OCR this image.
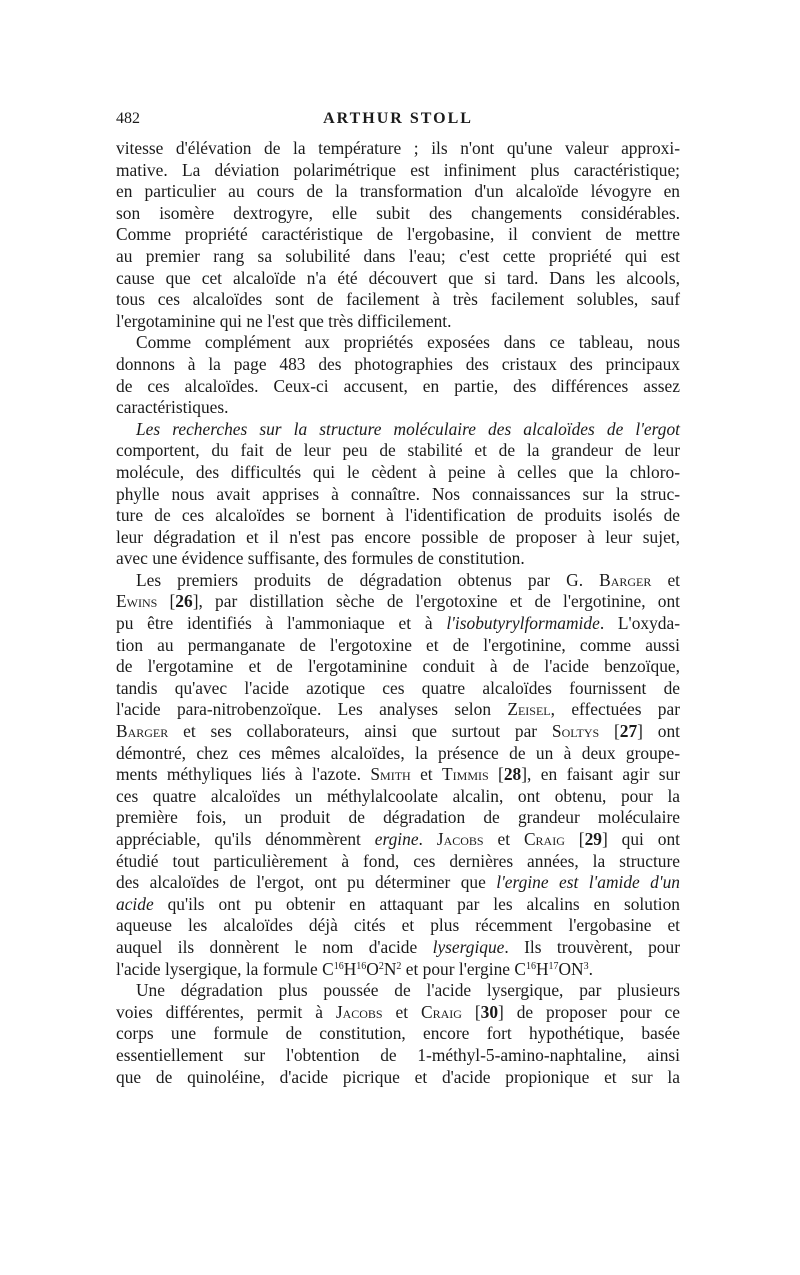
482	ARTHUR STOLL
vitesse d'élévation de la température ; ils n'ont qu'une valeur approxi-
mative. La déviation polarimétrique est infiniment plus caractéristique;
en particulier au cours de la transformation d'un alcaloïde lévogyre en
son isomère dextrogyre, elle subit des changements considérables.
Comme propriété caractéristique de l'ergobasine, il convient de mettre
au premier rang sa solubilité dans l'eau; c'est cette propriété qui est
cause que cet alcaloïde n'a été découvert que si tard. Dans les alcools,
tous ces alcaloïdes sont de facilement à très facilement solubles, sauf
l'ergotaminine qui ne l'est que très difficilement.
Comme complément aux propriétés exposées dans ce tableau, nous
donnons à la page 483 des photographies des cristaux des principaux
de ces alcaloïdes. Ceux-ci accusent, en partie, des différences assez
caractéristiques.
Les recherches sur la structure moléculaire des alcaloïdes de l'ergot
comportent, du fait de leur peu de stabilité et de la grandeur de leur
molécule, des difficultés qui le cèdent à peine à celles que la chloro-
phylle nous avait apprises à connaître. Nos connaissances sur la struc-
ture de ces alcaloïdes se bornent à l'identification de produits isolés de
leur dégradation et il n'est pas encore possible de proposer à leur sujet,
avec une évidence suffisante, des formules de constitution.
Les premiers produits de dégradation obtenus par G. Barger et
Ewins [26], par distillation sèche de l'ergotoxine et de l'ergotinine, ont
pu être identifiés à l'ammoniaque et à l'isobutyrylformamide. L'oxyda-
tion au permanganate de l'ergotoxine et de l'ergotinine, comme aussi
de l'ergotamine et de l'ergotaminine conduit à de l'acide benzoïque,
tandis qu'avec l'acide azotique ces quatre alcaloïdes fournissent de
l'acide para-nitrobenzoïque. Les analyses selon Zeisel, effectuées par
Barger et ses collaborateurs, ainsi que surtout par Soltys [27] ont
démontré, chez ces mêmes alcaloïdes, la présence de un à deux groupe-
ments méthyliques liés à l'azote. Smith et Timmis [28], en faisant agir sur
ces quatre alcaloïdes un méthylalcoolate alcalin, ont obtenu, pour la
première fois, un produit de dégradation de grandeur moléculaire
appréciable, qu'ils dénommèrent ergine. Jacobs et Craig [29] qui ont
étudié tout particulièrement à fond, ces dernières années, la structure
des alcaloïdes de l'ergot, ont pu déterminer que l'ergine est l'amide d'un
acide qu'ils ont pu obtenir en attaquant par les alcalins en solution
aqueuse les alcaloïdes déjà cités et plus récemment l'ergobasine et
auquel ils donnèrent le nom d'acide lysergique. Ils trouvèrent, pour
l'acide lysergique, la formule $C^{16}H^{16}O^2N^2$ et pour l'ergine $C^{16}H^{17}ON^3$.
Une dégradation plus poussée de l'acide lysergique, par plusieurs
voies différentes, permit à Jacobs et Craig [30] de proposer pour ce
corps une formule de constitution, encore fort hypothétique, basée
essentiellement sur l'obtention de 1-méthyl-5-amino-naphtaline, ainsi
que de quinoléine, d'acide picrique et d'acide propionique et sur la
